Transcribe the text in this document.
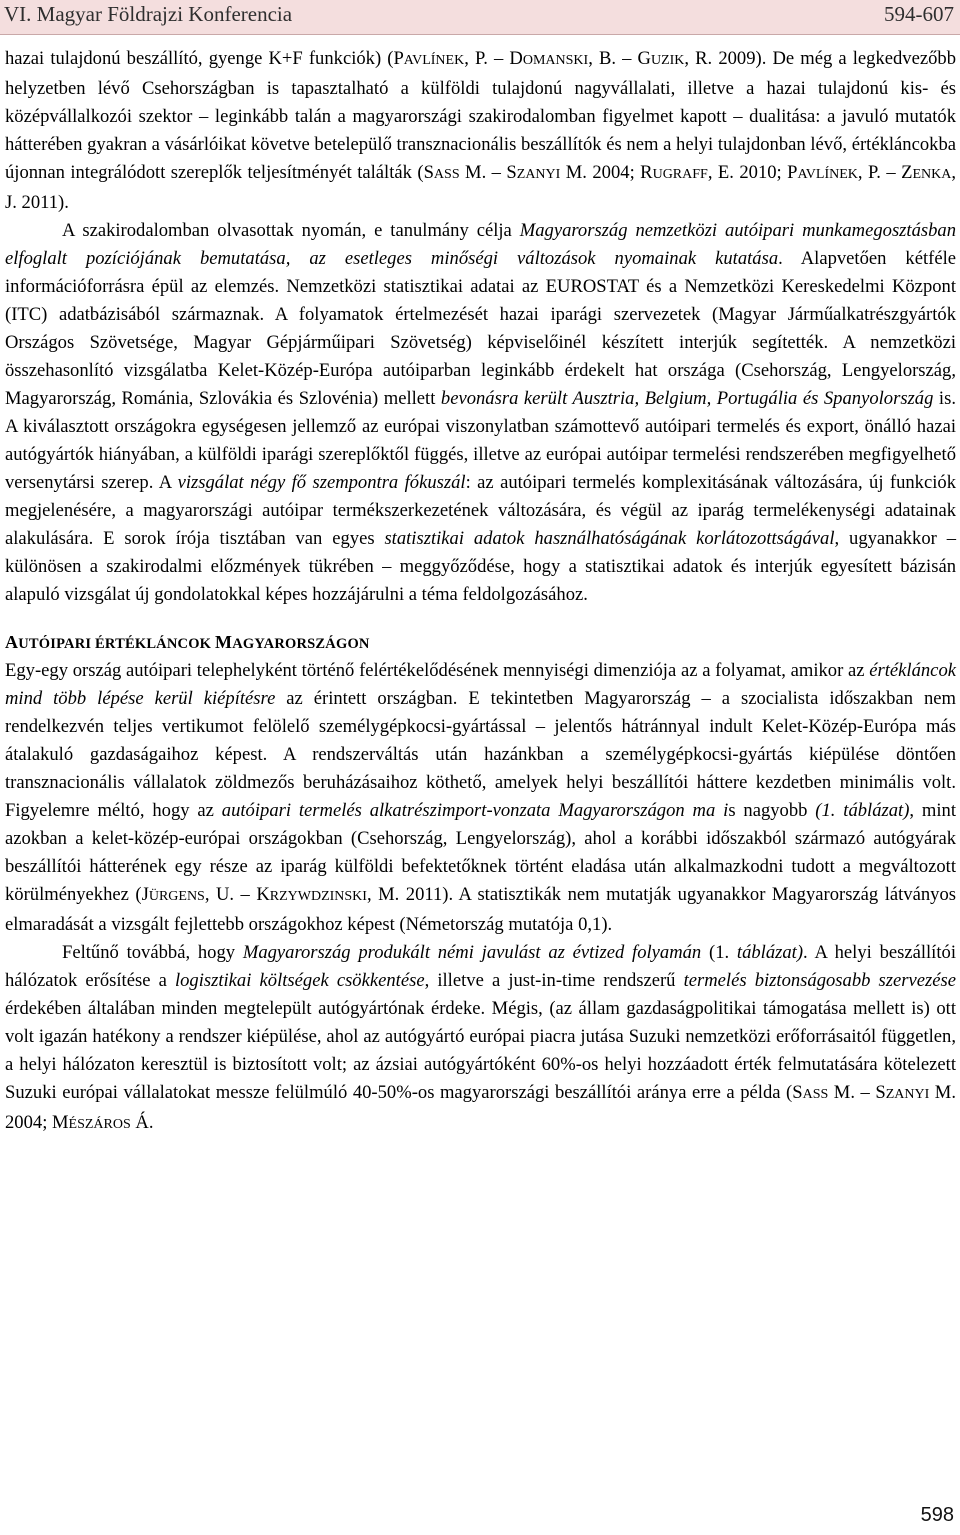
VI. Magyar Földrajzi Konferencia	594-607

hazai tulajdonú beszállító, gyenge K+F funkciók) (PAVLÍNEK, P. – DOMANSKI, B. – GUZIK, R. 2009). De még a legkedvezőbb helyzetben lévő Csehországban is tapasztalható a külföldi tulajdonú nagyvállalati, illetve a hazai tulajdonú kis- és középvállalkozói szektor – leginkább talán a magyarországi szakirodalomban figyelmet kapott – dualitása: a javuló mutatók hátterében gyakran a vásárlóikat követve betelepülő transznacionális beszállítók és nem a helyi tulajdonban lévő, értékláncokba újonnan integrálódott szereplők teljesítményét találták (SASS M. – SZANYI M. 2004; RUGRAFF, E. 2010; PAVLÍNEK, P. – ZENKA, J. 2011).

A szakirodalomban olvasottak nyomán, e tanulmány célja Magyarország nemzetközi autóipari munkamegosztásban elfoglalt pozíciójának bemutatása, az esetleges minőségi változások nyomainak kutatása. Alapvetően kétféle információforrásra épül az elemzés. Nemzetközi statisztikai adatai az EUROSTAT és a Nemzetközi Kereskedelmi Központ (ITC) adatbázisából származnak. A folyamatok értelmezését hazai iparági szervezetek (Magyar Járműalkatrészgyártók Országos Szövetsége, Magyar Gépjárműipari Szövetség) képviselőinél készített interjúk segítették. A nemzetközi összehasonlító vizsgálatba Kelet-Közép-Európa autóiparban leginkább érdekelt hat országa (Csehország, Lengyelország, Magyarország, Románia, Szlovákia és Szlovénia) mellett bevonásra került Ausztria, Belgium, Portugália és Spanyolország is. A kiválasztott országokra egységesen jellemző az európai viszonylatban számottevő autóipari termelés és export, önálló hazai autógyártók hiányában, a külföldi iparági szereplőktől függés, illetve az európai autóipar termelési rendszerében megfigyelhető versenytársi szerep. A vizsgálat négy fő szempontra fókuszál: az autóipari termelés komplexitásának változására, új funkciók megjelenésére, a magyarországi autóipar termékszerkezetének változására, és végül az iparág termelékenységi adatainak alakulására. E sorok írója tisztában van egyes statisztikai adatok használhatóságának korlátozottságával, ugyanakkor – különösen a szakirodalmi előzmények tükrében – meggyőződése, hogy a statisztikai adatok és interjúk egyesített bázisán alapuló vizsgálat új gondolatokkal képes hozzájárulni a téma feldolgozásához.

AUTÓIPARI ÉRTÉKLÁNCOK MAGYARORSZÁGON

Egy-egy ország autóipari telephelyként történő felértékelődésének mennyiségi dimenziója az a folyamat, amikor az értékláncok mind több lépése kerül kiépítésre az érintett országban. E tekintetben Magyarország – a szocialista időszakban nem rendelkezvén teljes vertikumot felölelő személygépkocsi-gyártással – jelentős hátránnyal indult Kelet-Közép-Európa más átalakuló gazdaságaihoz képest. A rendszerváltás után hazánkban a személygépkocsi-gyártás kiépülése döntően transznacionális vállalatok zöldmezős beruházásaihoz köthető, amelyek helyi beszállítói háttere kezdetben minimális volt. Figyelemre méltó, hogy az autóipari termelés alkatrészimport-vonzata Magyarországon ma is nagyobb (1. táblázat), mint azokban a kelet-közép-európai országokban (Csehország, Lengyelország), ahol a korábbi időszakból származó autógyárak beszállítói hátterének egy része az iparág külföldi befektetőknek történt eladása után alkalmazkodni tudott a megváltozott körülményekhez (JÜRGENS, U. – KRZYWDZINSKI, M. 2011). A statisztikák nem mutatják ugyanakkor Magyarország látványos elmaradását a vizsgált fejlettebb országokhoz képest (Németország mutatója 0,1).

Feltűnő továbbá, hogy Magyarország produkált némi javulást az évtized folyamán (1. táblázat). A helyi beszállítói hálózatok erősítése a logisztikai költségek csökkentése, illetve a just-in-time rendszerű termelés biztonságosabb szervezése érdekében általában minden megtelepült autógyártónak érdeke. Mégis, (az állam gazdaságpolitikai támogatása mellett is) ott volt igazán hatékony a rendszer kiépülése, ahol az autógyártó európai piacra jutása Suzuki nemzetközi erőforrásaitól független, a helyi hálózaton keresztül is biztosított volt; az ázsiai autógyártóként 60%-os helyi hozzáadott érték felmutatására kötelezett Suzuki európai vállalatokat messze felülmúló 40-50%-os magyarországi beszállítói aránya erre a példa (SASS M. – SZANYI M. 2004; MÉSZÁROS Á.

598
